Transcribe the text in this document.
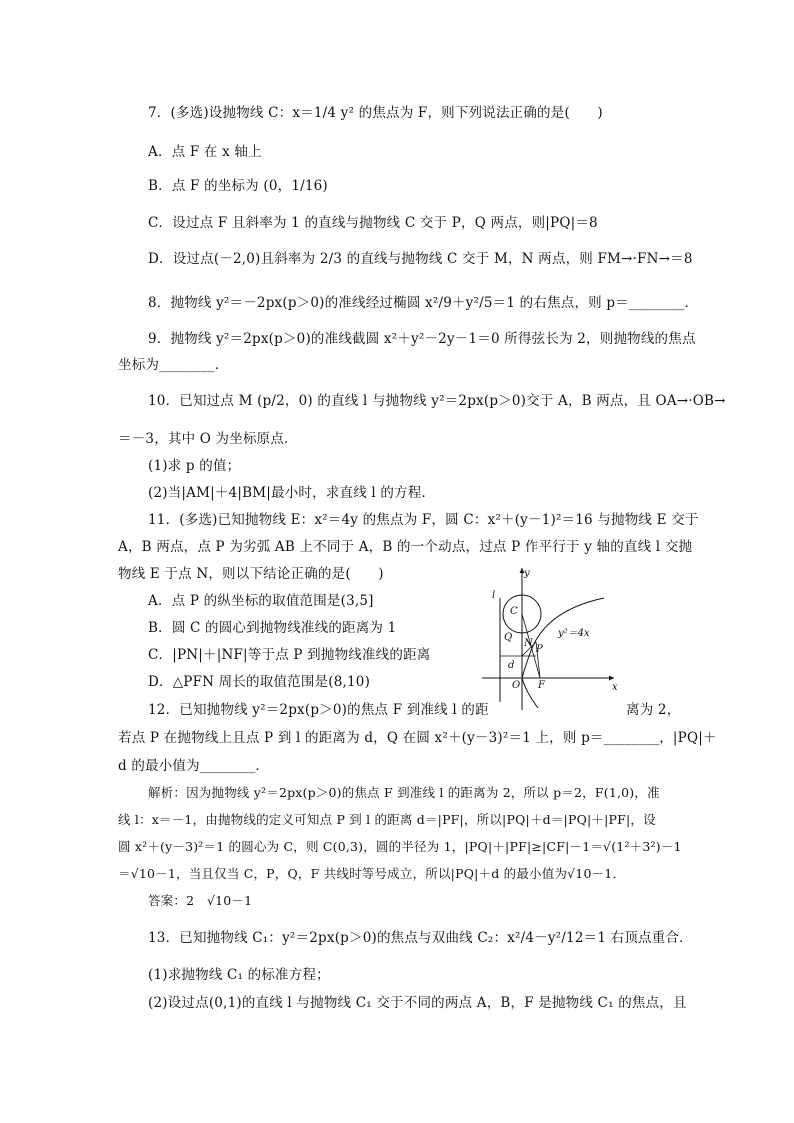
7．(多选)设抛物线 C：x＝1/4 y² 的焦点为 F，则下列说法正确的是(　　)
A．点 F 在 x 轴上
B．点 F 的坐标为 (0，1/16)
C．设过点 F 且斜率为 1 的直线与抛物线 C 交于 P，Q 两点，则|PQ|＝8
D．设过点(－2,0)且斜率为 2/3 的直线与抛物线 C 交于 M，N 两点，则 FM→·FN→＝8
8．抛物线 y²＝－2px(p＞0)的准线经过椭圆 x²/9＋y²/5＝1 的右焦点，则 p＝________．
9．抛物线 y²＝2px(p＞0)的准线截圆 x²＋y²－2y－1＝0 所得弦长为 2，则抛物线的焦点
坐标为________．
10．已知过点 M (p/2，0) 的直线 l 与抛物线 y²＝2px(p＞0)交于 A，B 两点，且 OA→·OB→
＝－3，其中 O 为坐标原点．
(1)求 p 的值；
(2)当|AM|＋4|BM|最小时，求直线 l 的方程．
11．(多选)已知抛物线 E：x²＝4y 的焦点为 F，圆 C：x²＋(y－1)²＝16 与抛物线 E 交于
A，B 两点，点 P 为劣弧 AB 上不同于 A，B 的一个动点，过点 P 作平行于 y 轴的直线 l 交抛
物线 E 于点 N，则以下结论正确的是(　　)
A．点 P 的纵坐标的取值范围是(3,5]
B．圆 C 的圆心到抛物线准线的距离为 1
C．|PN|＋|NF|等于点 P 到抛物线准线的距离
D．△PFN 周长的取值范围是(8,10)
12．已知抛物线 y²＝2px(p＞0)的焦点 F 到准线 l 的距	离为 2，
若点 P 在抛物线上且点 P 到 l 的距离为 d，Q 在圆 x²＋(y－3)²＝1 上，则 p＝________，|PQ|＋
d 的最小值为________．
解析：因为抛物线 y²＝2px(p＞0)的焦点 F 到准线 l 的距离为 2，所以 p＝2，F(1,0)，准
线 l：x＝－1，由抛物线的定义可知点 P 到 l 的距离 d＝|PF|，所以|PQ|＋d＝|PQ|＋|PF|，设
圆 x²＋(y－3)²＝1 的圆心为 C，则 C(0,3)，圆的半径为 1，|PQ|＋|PF|≥|CF|－1＝√(1²＋3²)－1
＝√10－1，当且仅当 C，P，Q，F 共线时等号成立，所以|PQ|＋d 的最小值为√10－1．
答案：2　√10－1
13．已知抛物线 C₁：y²＝2px(p＞0)的焦点与双曲线 C₂：x²/4－y²/12＝1 右顶点重合．
(1)求抛物线 C₁ 的标准方程；
(2)设过点(0,1)的直线 l 与抛物线 C₁ 交于不同的两点 A，B，F 是抛物线 C₁ 的焦点，且
y
x
l
C
Q
N
P
d
O F
y²＝4x
